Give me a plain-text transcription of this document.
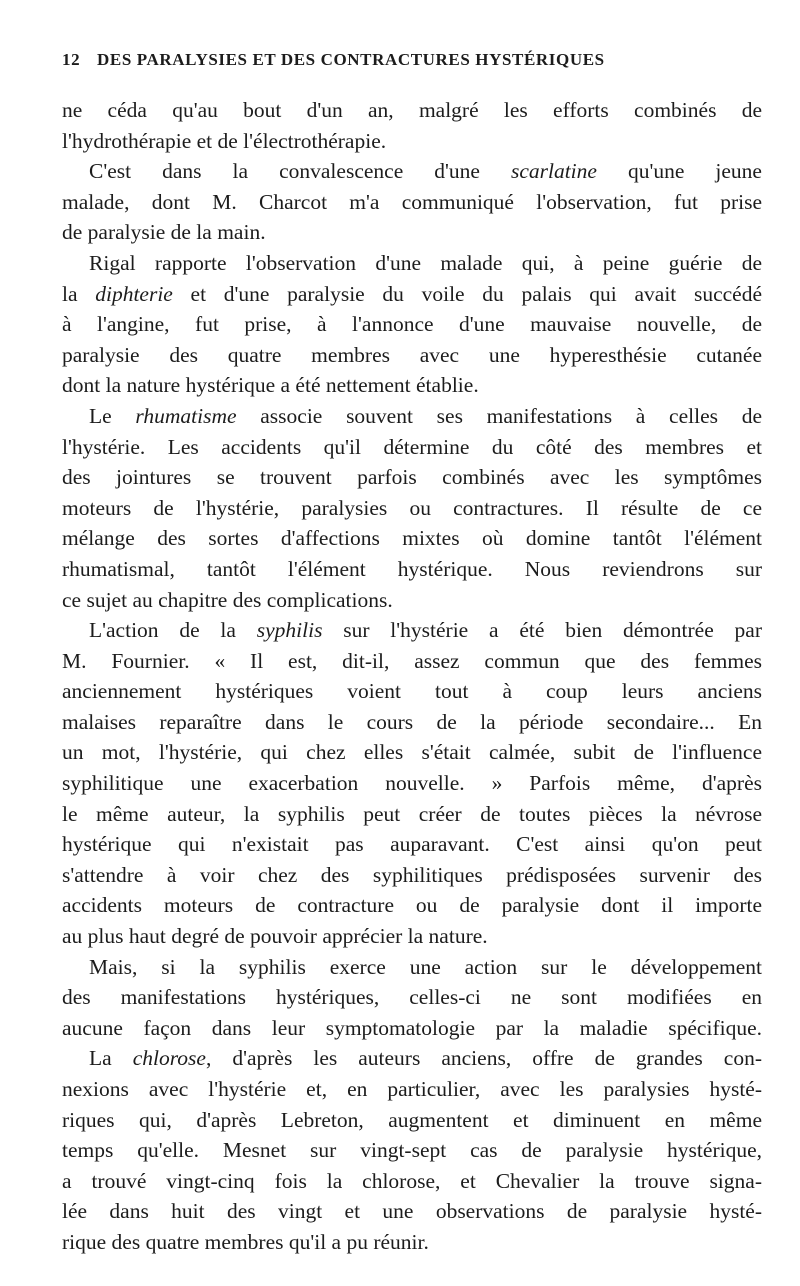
12 DES PARALYSIES ET DES CONTRACTURES HYSTÉRIQUES
ne céda qu'au bout d'un an, malgré les efforts combinés de
l'hydrothérapie et de l'électrothérapie.
C'est dans la convalescence d'une scarlatine qu'une jeune
malade, dont M. Charcot m'a communiqué l'observation, fut prise
de paralysie de la main.
Rigal rapporte l'observation d'une malade qui, à peine guérie de
la diphterie et d'une paralysie du voile du palais qui avait succédé
à l'angine, fut prise, à l'annonce d'une mauvaise nouvelle, de
paralysie des quatre membres avec une hyperesthésie cutanée
dont la nature hystérique a été nettement établie.
Le rhumatisme associe souvent ses manifestations à celles de
l'hystérie. Les accidents qu'il détermine du côté des membres et
des jointures se trouvent parfois combinés avec les symptômes
moteurs de l'hystérie, paralysies ou contractures. Il résulte de ce
mélange des sortes d'affections mixtes où domine tantôt l'élément
rhumatismal, tantôt l'élément hystérique. Nous reviendrons sur
ce sujet au chapitre des complications.
L'action de la syphilis sur l'hystérie a été bien démontrée par
M. Fournier. « Il est, dit-il, assez commun que des femmes
anciennement hystériques voient tout à coup leurs anciens
malaises reparaître dans le cours de la période secondaire... En
un mot, l'hystérie, qui chez elles s'était calmée, subit de l'influence
syphilitique une exacerbation nouvelle. » Parfois même, d'après
le même auteur, la syphilis peut créer de toutes pièces la névrose
hystérique qui n'existait pas auparavant. C'est ainsi qu'on peut
s'attendre à voir chez des syphilitiques prédisposées survenir des
accidents moteurs de contracture ou de paralysie dont il importe
au plus haut degré de pouvoir apprécier la nature.
Mais, si la syphilis exerce une action sur le développement
des manifestations hystériques, celles-ci ne sont modifiées en
aucune façon dans leur symptomatologie par la maladie spécifique.
La chlorose, d'après les auteurs anciens, offre de grandes con-
nexions avec l'hystérie et, en particulier, avec les paralysies hysté-
riques qui, d'après Lebreton, augmentent et diminuent en même
temps qu'elle. Mesnet sur vingt-sept cas de paralysie hystérique,
a trouvé vingt-cinq fois la chlorose, et Chevalier la trouve signa-
lée dans huit des vingt et une observations de paralysie hysté-
rique des quatre membres qu'il a pu réunir.
